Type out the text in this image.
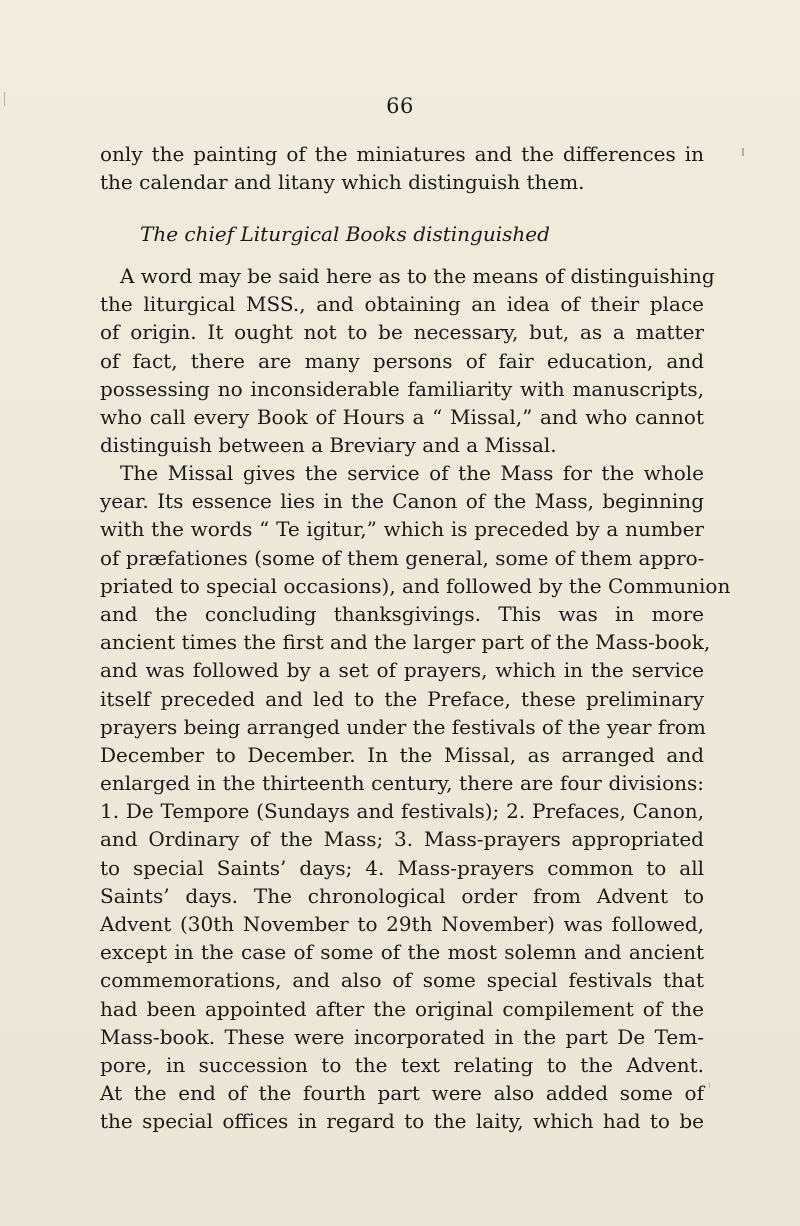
66
only the painting of the miniatures and the differences in
the calendar and litany which distinguish them.
The chief Liturgical Books distinguished
A word may be said here as to the means of distinguishing
the liturgical MSS., and obtaining an idea of their place
of origin. It ought not to be necessary, but, as a matter
of fact, there are many persons of fair education, and
possessing no inconsiderable familiarity with manuscripts,
who call every Book of Hours a “ Missal,” and who cannot
distinguish between a Breviary and a Missal.
The Missal gives the service of the Mass for the whole
year. Its essence lies in the Canon of the Mass, beginning
with the words “ Te igitur,” which is preceded by a number
of præfationes (some of them general, some of them appro-
priated to special occasions), and followed by the Communion
and the concluding thanksgivings. This was in more
ancient times the first and the larger part of the Mass-book,
and was followed by a set of prayers, which in the service
itself preceded and led to the Preface, these preliminary
prayers being arranged under the festivals of the year from
December to December. In the Missal, as arranged and
enlarged in the thirteenth century, there are four divisions:
1. De Tempore (Sundays and festivals); 2. Prefaces, Canon,
and Ordinary of the Mass; 3. Mass-prayers appropriated
to special Saints’ days; 4. Mass-prayers common to all
Saints’ days. The chronological order from Advent to
Advent (30th November to 29th November) was followed,
except in the case of some of the most solemn and ancient
commemorations, and also of some special festivals that
had been appointed after the original compilement of the
Mass-book. These were incorporated in the part De Tem-
pore, in succession to the text relating to the Advent.
At the end of the fourth part were also added some of
the special offices in regard to the laity, which had to be
